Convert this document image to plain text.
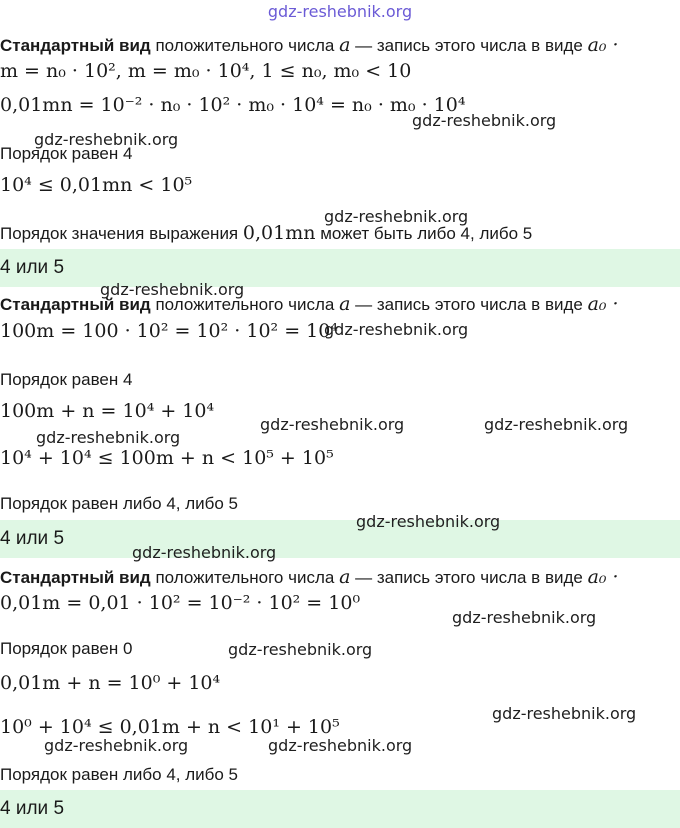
gdz-reshebnik.org
Стандартный вид положительного числа a — запись этого числа в виде a₀ ·
m = n₀ · 10², m = m₀ · 10⁴, 1 ≤ n₀, m₀ < 10
0,01mn = 10⁻² · n₀ · 10² · m₀ · 10⁴ = n₀ · m₀ · 10⁴
Порядок равен 4
10⁴ ≤ 0,01mn < 10⁵
Порядок значения выражения 0,01mn может быть либо 4, либо 5
4 или 5
Стандартный вид положительного числа a — запись этого числа в виде a₀ ·
100m = 100 · 10² = 10² · 10² = 10⁴
Порядок равен 4
100m + n = 10⁴ + 10⁴
10⁴ + 10⁴ ≤ 100m + n < 10⁵ + 10⁵
Порядок равен либо 4, либо 5
4 или 5
Стандартный вид положительного числа a — запись этого числа в виде a₀ ·
0,01m = 0,01 · 10² = 10⁻² · 10² = 10⁰
Порядок равен 0
0,01m + n = 10⁰ + 10⁴
10⁰ + 10⁴ ≤ 0,01m + n < 10¹ + 10⁵
Порядок равен либо 4, либо 5
4 или 5
gdz-reshebnik.org
gdz-reshebnik.org
gdz-reshebnik.org
gdz-reshebnik.org
gdz-reshebnik.org
gdz-reshebnik.org	gdz-reshebnik.org
gdz-reshebnik.org
gdz-reshebnik.org
gdz-reshebnik.org
gdz-reshebnik.org
gdz-reshebnik.org
gdz-reshebnik.org
gdz-reshebnik.org	gdz-reshebnik.org
